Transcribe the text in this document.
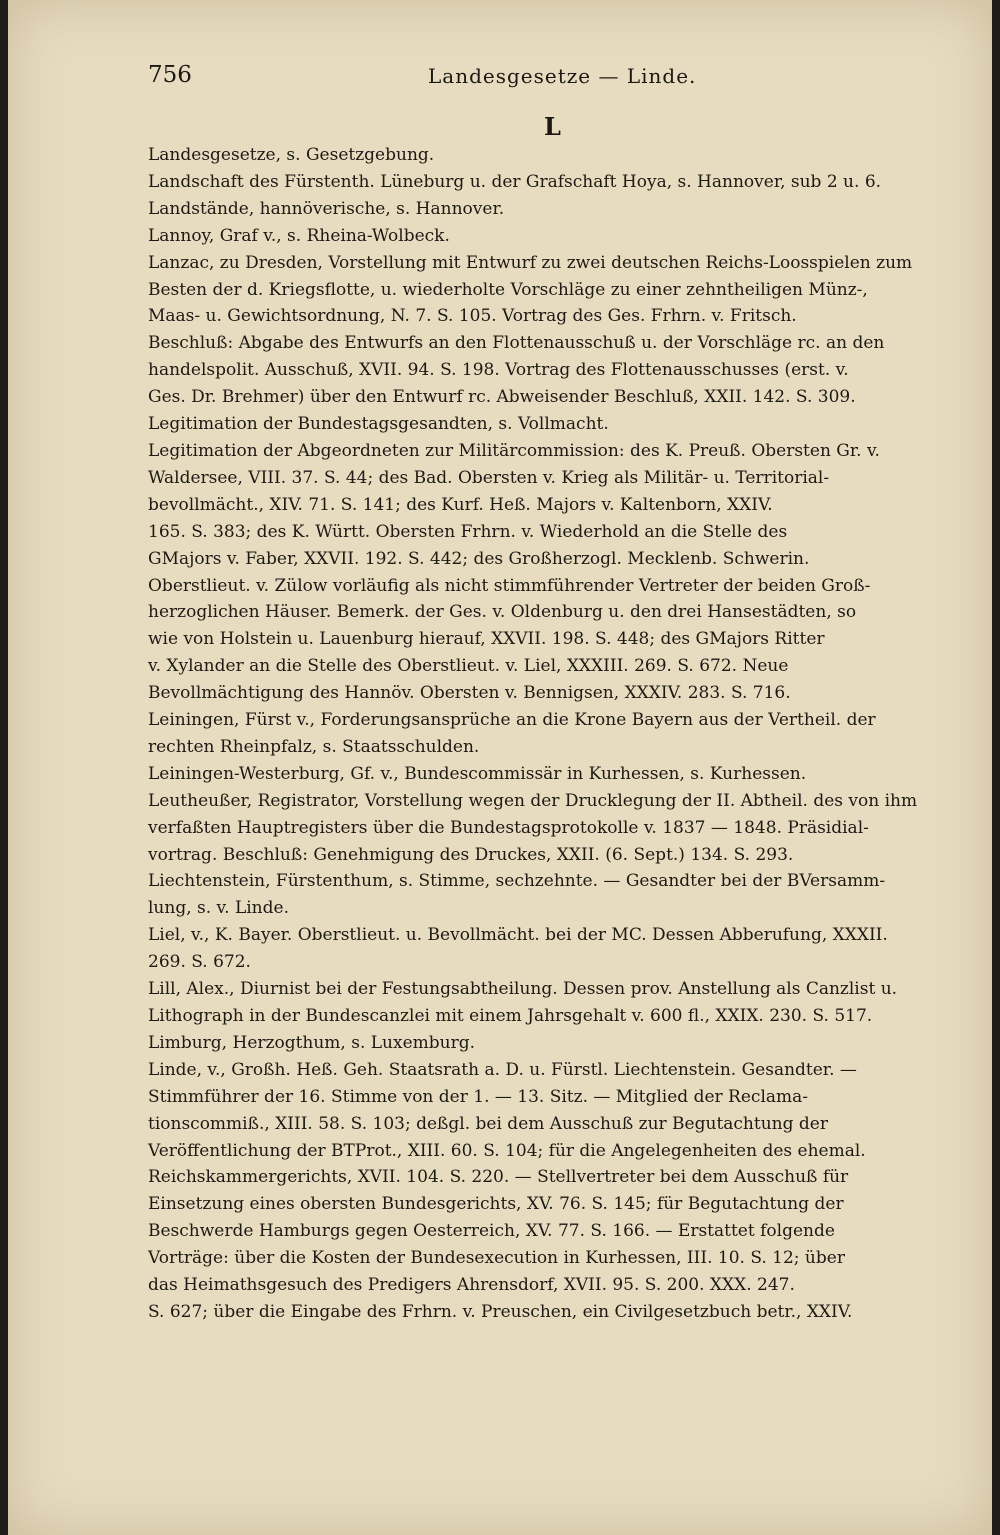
756	Landesgesetze — Linde.
L
Landesgesetze, s. Gesetzgebung.
Landschaft des Fürstenth. Lüneburg u. der Grafschaft Hoya, s. Hannover, sub 2 u. 6.
Landstände, hannöverische, s. Hannover.
Lannoy, Graf v., s. Rheina-Wolbeck.
Lanzac, zu Dresden, Vorstellung mit Entwurf zu zwei deutschen Reichs-Loosspielen zum
Besten der d. Kriegsflotte, u. wiederholte Vorschläge zu einer zehntheiligen Münz-,
Maas- u. Gewichtsordnung, N. 7. S. 105. Vortrag des Ges. Frhrn. v. Fritsch.
Beschluß: Abgabe des Entwurfs an den Flottenausschuß u. der Vorschläge rc. an den
handelspolit. Ausschuß, XVII. 94. S. 198. Vortrag des Flottenausschusses (erst. v.
Ges. Dr. Brehmer) über den Entwurf rc. Abweisender Beschluß, XXII. 142. S. 309.
Legitimation der Bundestagsgesandten, s. Vollmacht.
Legitimation der Abgeordneten zur Militärcommission: des K. Preuß. Obersten Gr. v.
Waldersee, VIII. 37. S. 44; des Bad. Obersten v. Krieg als Militär- u. Territorial-
bevollmächt., XIV. 71. S. 141; des Kurf. Heß. Majors v. Kaltenborn, XXIV.
165. S. 383; des K. Württ. Obersten Frhrn. v. Wiederhold an die Stelle des
GMajors v. Faber, XXVII. 192. S. 442; des Großherzogl. Mecklenb. Schwerin.
Oberstlieut. v. Zülow vorläufig als nicht stimmführender Vertreter der beiden Groß-
herzoglichen Häuser. Bemerk. der Ges. v. Oldenburg u. den drei Hansestädten, so
wie von Holstein u. Lauenburg hierauf, XXVII. 198. S. 448; des GMajors Ritter
v. Xylander an die Stelle des Oberstlieut. v. Liel, XXXIII. 269. S. 672. Neue
Bevollmächtigung des Hannöv. Obersten v. Bennigsen, XXXIV. 283. S. 716.
Leiningen, Fürst v., Forderungsansprüche an die Krone Bayern aus der Vertheil. der
rechten Rheinpfalz, s. Staatsschulden.
Leiningen-Westerburg, Gf. v., Bundescommissär in Kurhessen, s. Kurhessen.
Leutheußer, Registrator, Vorstellung wegen der Drucklegung der II. Abtheil. des von ihm
verfaßten Hauptregisters über die Bundestagsprotokolle v. 1837 — 1848. Präsidial-
vortrag. Beschluß: Genehmigung des Druckes, XXII. (6. Sept.) 134. S. 293.
Liechtenstein, Fürstenthum, s. Stimme, sechzehnte. — Gesandter bei der BVersamm-
lung, s. v. Linde.
Liel, v., K. Bayer. Oberstlieut. u. Bevollmächt. bei der MC. Dessen Abberufung, XXXII.
269. S. 672.
Lill, Alex., Diurnist bei der Festungsabtheilung. Dessen prov. Anstellung als Canzlist u.
Lithograph in der Bundescanzlei mit einem Jahrsgehalt v. 600 fl., XXIX. 230. S. 517.
Limburg, Herzogthum, s. Luxemburg.
Linde, v., Großh. Heß. Geh. Staatsrath a. D. u. Fürstl. Liechtenstein. Gesandter. —
Stimmführer der 16. Stimme von der 1. — 13. Sitz. — Mitglied der Reclama-
tionscommiß., XIII. 58. S. 103; deßgl. bei dem Ausschuß zur Begutachtung der
Veröffentlichung der BTProt., XIII. 60. S. 104; für die Angelegenheiten des ehemal.
Reichskammergerichts, XVII. 104. S. 220. — Stellvertreter bei dem Ausschuß für
Einsetzung eines obersten Bundesgerichts, XV. 76. S. 145; für Begutachtung der
Beschwerde Hamburgs gegen Oesterreich, XV. 77. S. 166. — Erstattet folgende
Vorträge: über die Kosten der Bundesexecution in Kurhessen, III. 10. S. 12; über
das Heimathsgesuch des Predigers Ahrensdorf, XVII. 95. S. 200. XXX. 247.
S. 627; über die Eingabe des Frhrn. v. Preuschen, ein Civilgesetzbuch betr., XXIV.
